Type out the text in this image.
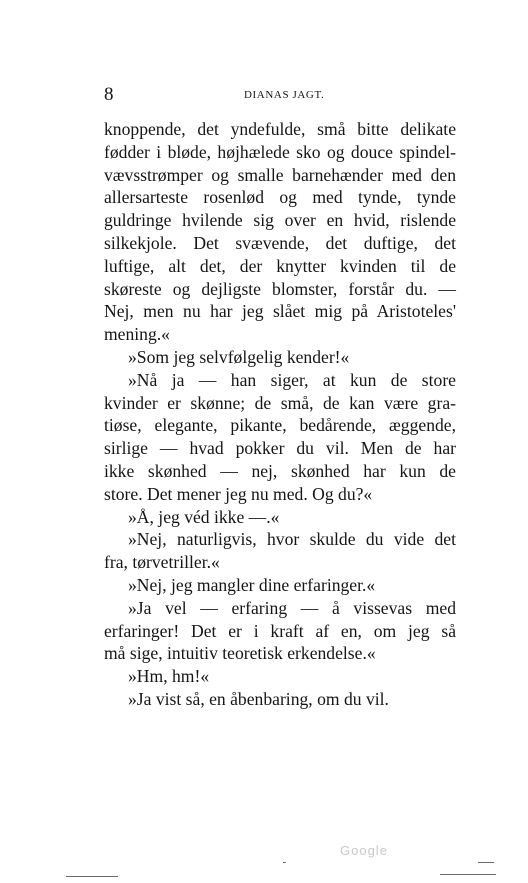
8	DIANAS JAGT.
knoppende, det yndefulde, små bitte delikate
fødder i bløde, højhælede sko og douce spindel-
vævsstrømper og smalle barnehænder med den
allersarteste rosenlød og med tynde, tynde
guldringe hvilende sig over en hvid, rislende
silkekjole. Det svævende, det duftige, det
luftige, alt det, der knytter kvinden til de
skøreste og dejligste blomster, forstår du. —
Nej, men nu har jeg slået mig på Aristoteles'
mening.«
»Som jeg selvfølgelig kender!«
»Nå ja — han siger, at kun de store
kvinder er skønne; de små, de kan være gra-
tiøse, elegante, pikante, bedårende, æggende,
sirlige — hvad pokker du vil. Men de har
ikke skønhed — nej, skønhed har kun de
store. Det mener jeg nu med. Og du?«
»Å, jeg véd ikke —.«
»Nej, naturligvis, hvor skulde du vide det
fra, tørvetriller.«
»Nej, jeg mangler dine erfaringer.«
»Ja vel — erfaring — å vissevas med
erfaringer! Det er i kraft af en, om jeg så
må sige, intuitiv teoretisk erkendelse.«
»Hm, hm!«
»Ja vist så, en åbenbaring, om du vil.
Google
